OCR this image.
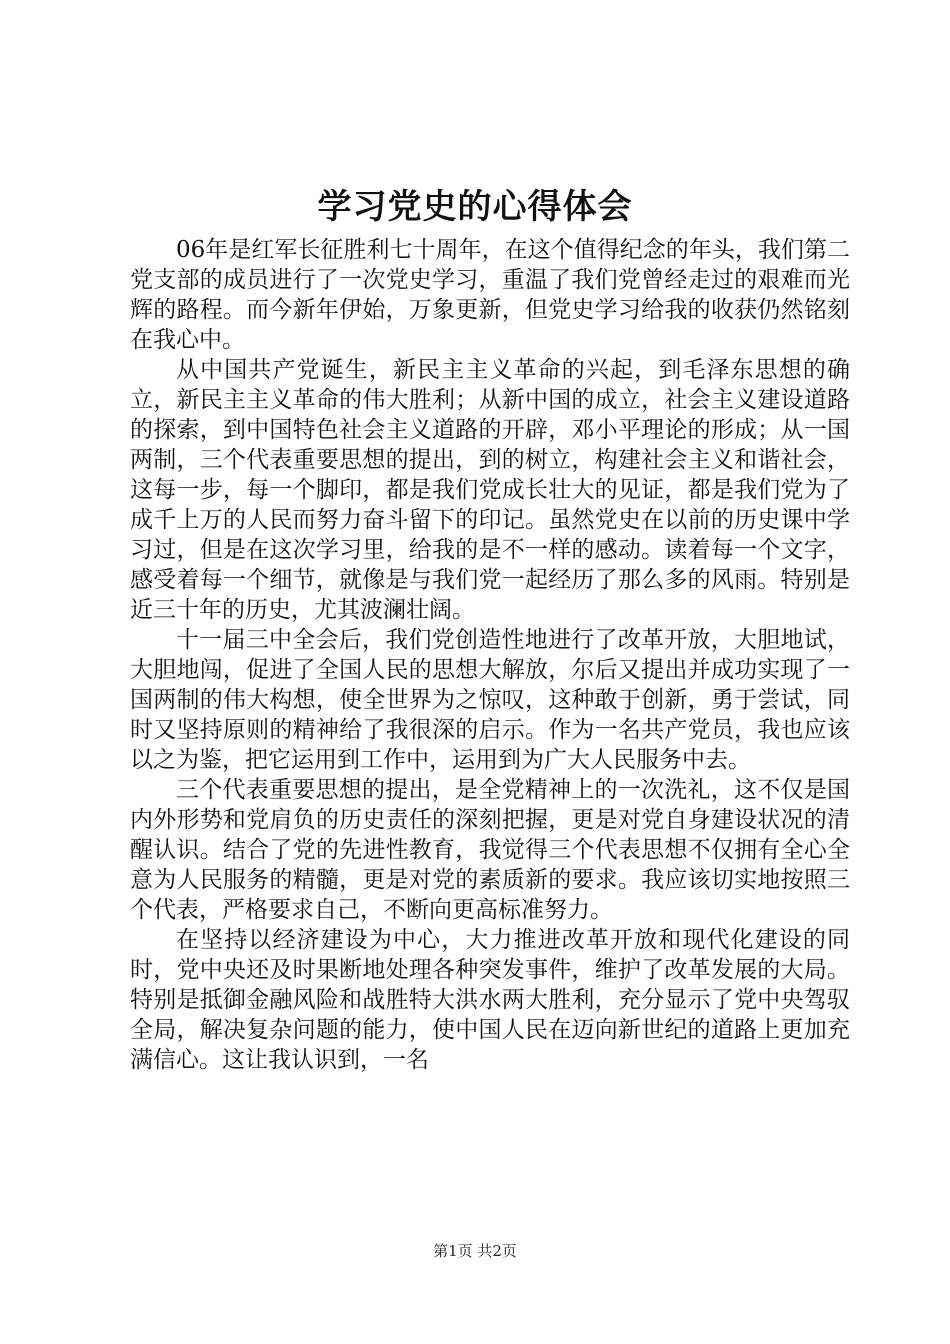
学习党史的心得体会

06年是红军长征胜利七十周年，在这个值得纪念的年头，我们第二党支部的成员进行了一次党史学习，重温了我们党曾经走过的艰难而光辉的路程。而今新年伊始，万象更新，但党史学习给我的收获仍然铭刻在我心中。

从中国共产党诞生，新民主主义革命的兴起，到毛泽东思想的确立，新民主主义革命的伟大胜利；从新中国的成立，社会主义建设道路的探索，到中国特色社会主义道路的开辟，邓小平理论的形成；从一国两制，三个代表重要思想的提出，到的树立，构建社会主义和谐社会，这每一步，每一个脚印，都是我们党成长壮大的见证，都是我们党为了成千上万的人民而努力奋斗留下的印记。虽然党史在以前的历史课中学习过，但是在这次学习里，给我的是不一样的感动。读着每一个文字，感受着每一个细节，就像是与我们党一起经历了那么多的风雨。特别是近三十年的历史，尤其波澜壮阔。

十一届三中全会后，我们党创造性地进行了改革开放，大胆地试，大胆地闯，促进了全国人民的思想大解放，尔后又提出并成功实现了一国两制的伟大构想，使全世界为之惊叹，这种敢于创新，勇于尝试，同时又坚持原则的精神给了我很深的启示。作为一名共产党员，我也应该以之为鉴，把它运用到工作中，运用到为广大人民服务中去。

三个代表重要思想的提出，是全党精神上的一次洗礼，这不仅是国内外形势和党肩负的历史责任的深刻把握，更是对党自身建设状况的清醒认识。结合了党的先进性教育，我觉得三个代表思想不仅拥有全心全意为人民服务的精髓，更是对党的素质新的要求。我应该切实地按照三个代表，严格要求自己，不断向更高标准努力。

在坚持以经济建设为中心，大力推进改革开放和现代化建设的同时，党中央还及时果断地处理各种突发事件，维护了改革发展的大局。特别是抵御金融风险和战胜特大洪水两大胜利，充分显示了党中央驾驭全局，解决复杂问题的能力，使中国人民在迈向新世纪的道路上更加充满信心。这让我认识到，一名

第1页 共2页
